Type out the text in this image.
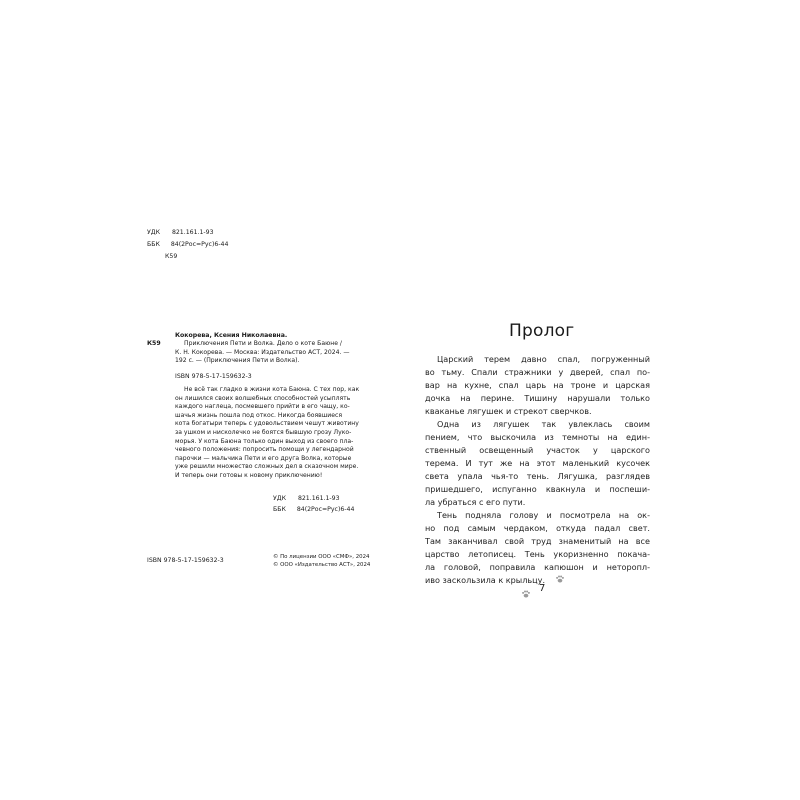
УДК 821.161.1-93
ББК 84(2Рос=Рус)6-44
К59
К59
Кокорева, Ксения Николаевна.
Приключения Пети и Волка. Дело о коте Баюне /
К. Н. Кокорева. — Москва: Издательство АСТ, 2024. —
192 с. — (Приключения Пети и Волка).
ISBN 978-5-17-159632-3
Не всё так гладко в жизни кота Баюна. С тех пор, как
он лишился своих волшебных способностей усыплять
каждого наглеца, посмевшего прийти в его чащу, ко-
шачья жизнь пошла под откос. Никогда боявшиеся
кота богатыри теперь с удовольствием чешут животину
за ушком и нисколечко не боятся бывшую грозу Луко-
морья. У кота Баюна только один выход из своего пла-
чевного положения: попросить помощи у легендарной
парочки — мальчика Пети и его друга Волка, которые
уже решили множество сложных дел в сказочном мире.
И теперь они готовы к новому приключению!
УДК 821.161.1-93
ББК 84(2Рос=Рус)6-44
ISBN 978-5-17-159632-3	© По лицензии ООО «СМФ», 2024
© ООО «Издательство АСТ», 2024
Пролог
Царский терем давно спал, погруженный
во тьму. Спали стражники у дверей, спал по-
вар на кухне, спал царь на троне и царская
дочка на перине. Тишину нарушали только
кваканье лягушек и стрекот сверчков.
Одна из лягушек так увлеклась своим
пением, что выскочила из темноты на един-
ственный освещенный участок у царского
терема. И тут же на этот маленький кусочек
света упала чья-то тень. Лягушка, разглядев
пришедшего, испуганно квакнула и поспеши-
ла убраться с его пути.
Тень подняла голову и посмотрела на ок-
но под самым чердаком, откуда падал свет.
Там заканчивал свой труд знаменитый на все
царство летописец. Тень укоризненно покача-
ла головой, поправила капюшон и неторопл-
иво заскользила к крыльцу.
7
